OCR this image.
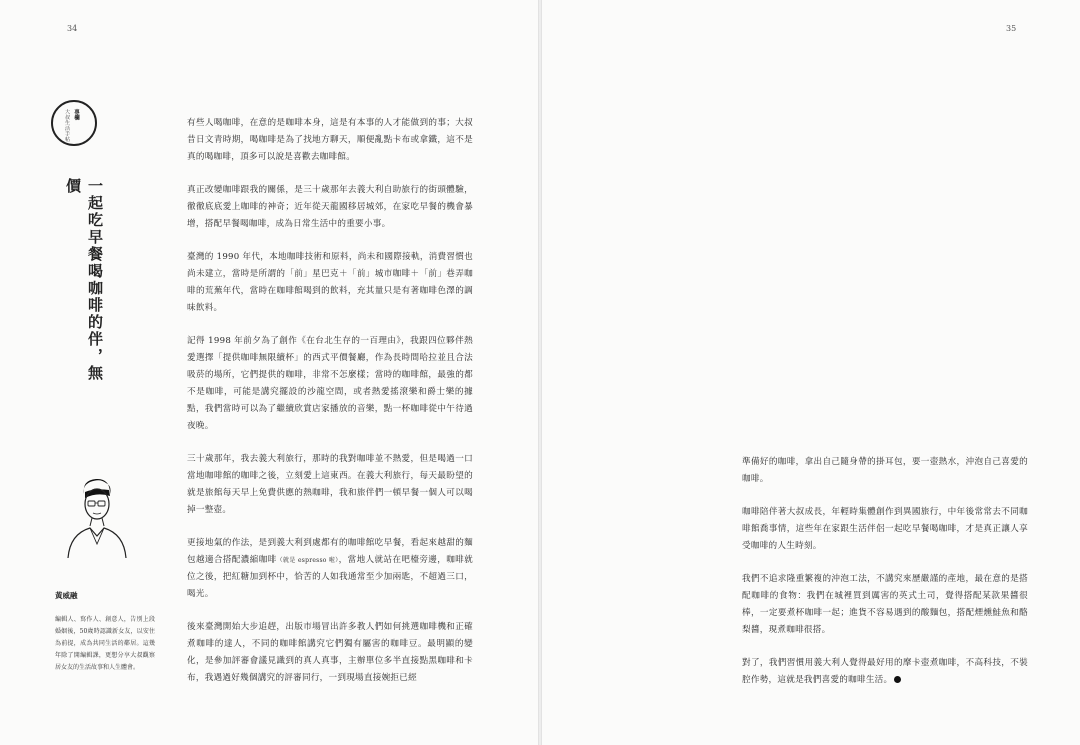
34
專欄
大叔生活手帖
一起吃早餐喝咖啡的伴，無價
黃威融
編輯人、寫作人、創意人，告別上段婚姻後，50歲時認識新女友，以安住為前提，成為共同生活的鄰居。這幾年除了開編輯課，更想分享大叔觀察居女友的生活故事和人生體會。

有些人喝咖啡，在意的是咖啡本身，這是有本事的人才能做到的事；大叔昔日文青時期，喝咖啡是為了找地方聊天，順便亂點卡布或拿鐵，這不是真的喝咖啡，頂多可以說是喜歡去咖啡館。

真正改變咖啡跟我的關係，是三十歲那年去義大利自助旅行的街頭體驗，徹徹底底愛上咖啡的神奇；近年從天龍國移居城郊，在家吃早餐的機會暴增，搭配早餐喝咖啡，成為日常生活中的重要小事。

臺灣的 1990 年代，本地咖啡技術和原料，尚未和國際接軌，消費習慣也尚未建立，當時是所謂的「前」星巴克＋「前」城市咖啡＋「前」巷弄咖啡的荒蕪年代，當時在咖啡館喝到的飲料，充其量只是有著咖啡色澤的調味飲料。

記得 1998 年前夕為了創作《在台北生存的一百理由》，我跟四位夥伴熱愛選擇「提供咖啡無限續杯」的西式平價餐廳，作為長時間哈拉並且合法吸菸的場所，它們提供的咖啡，非常不怎麼樣；當時的咖啡館，最強的都不是咖啡，可能是講究擺設的沙龍空間，或者熱愛搖滾樂和爵士樂的據點，我們當時可以為了繼續欣賞店家播放的音樂，點一杯咖啡從中午待過夜晚。

三十歲那年，我去義大利旅行，那時的我對咖啡並不熱愛，但是喝過一口當地咖啡館的咖啡之後，立刻愛上這東西。在義大利旅行，每天最盼望的就是旅館每天早上免費供應的熱咖啡，我和旅伴們一頓早餐一個人可以喝掉一整壺。

更接地氣的作法，是到義大利到處都有的咖啡館吃早餐，看起來越甜的麵包越適合搭配濃縮咖啡（就是 espresso 啦），當地人就站在吧檯旁邊，咖啡就位之後，把紅糖加到杯中，恰苦的人如我通常至少加兩匙，不超過三口，喝光。

後來臺灣開始大步追趕，出版市場冒出許多教人們如何挑選咖啡機和正確煮咖啡的達人，不同的咖啡館講究它們獨有屬害的咖啡豆。最明顯的變化，是參加評審會議見識到的真人真事，主辦單位多半直接點黑咖啡和卡布，我遇過好幾個講究的評審同行，一到現場直接婉拒已經

35

準備好的咖啡，拿出自己隨身帶的掛耳包，要一壺熱水，沖泡自己喜愛的咖啡。

咖啡陪伴著大叔成長，年輕時集體創作到異國旅行，中年後常常去不同咖啡館喬事情，這些年在家跟生活伴侶一起吃早餐喝咖啡，才是真正讓人享受咖啡的人生時刻。

我們不追求隆重繁複的沖泡工法，不講究來歷嚴謹的產地，最在意的是搭配咖啡的食物：我們在城裡買到厲害的英式土司，覺得搭配某款果醬很棒，一定要煮杯咖啡一起；進貨不容易遇到的酸麵包，搭配煙燻鮭魚和酪梨醬，現煮咖啡很搭。

對了，我們習慣用義大利人覺得最好用的摩卡壺煮咖啡，不高科技，不裝腔作勢，這就是我們喜愛的咖啡生活。
